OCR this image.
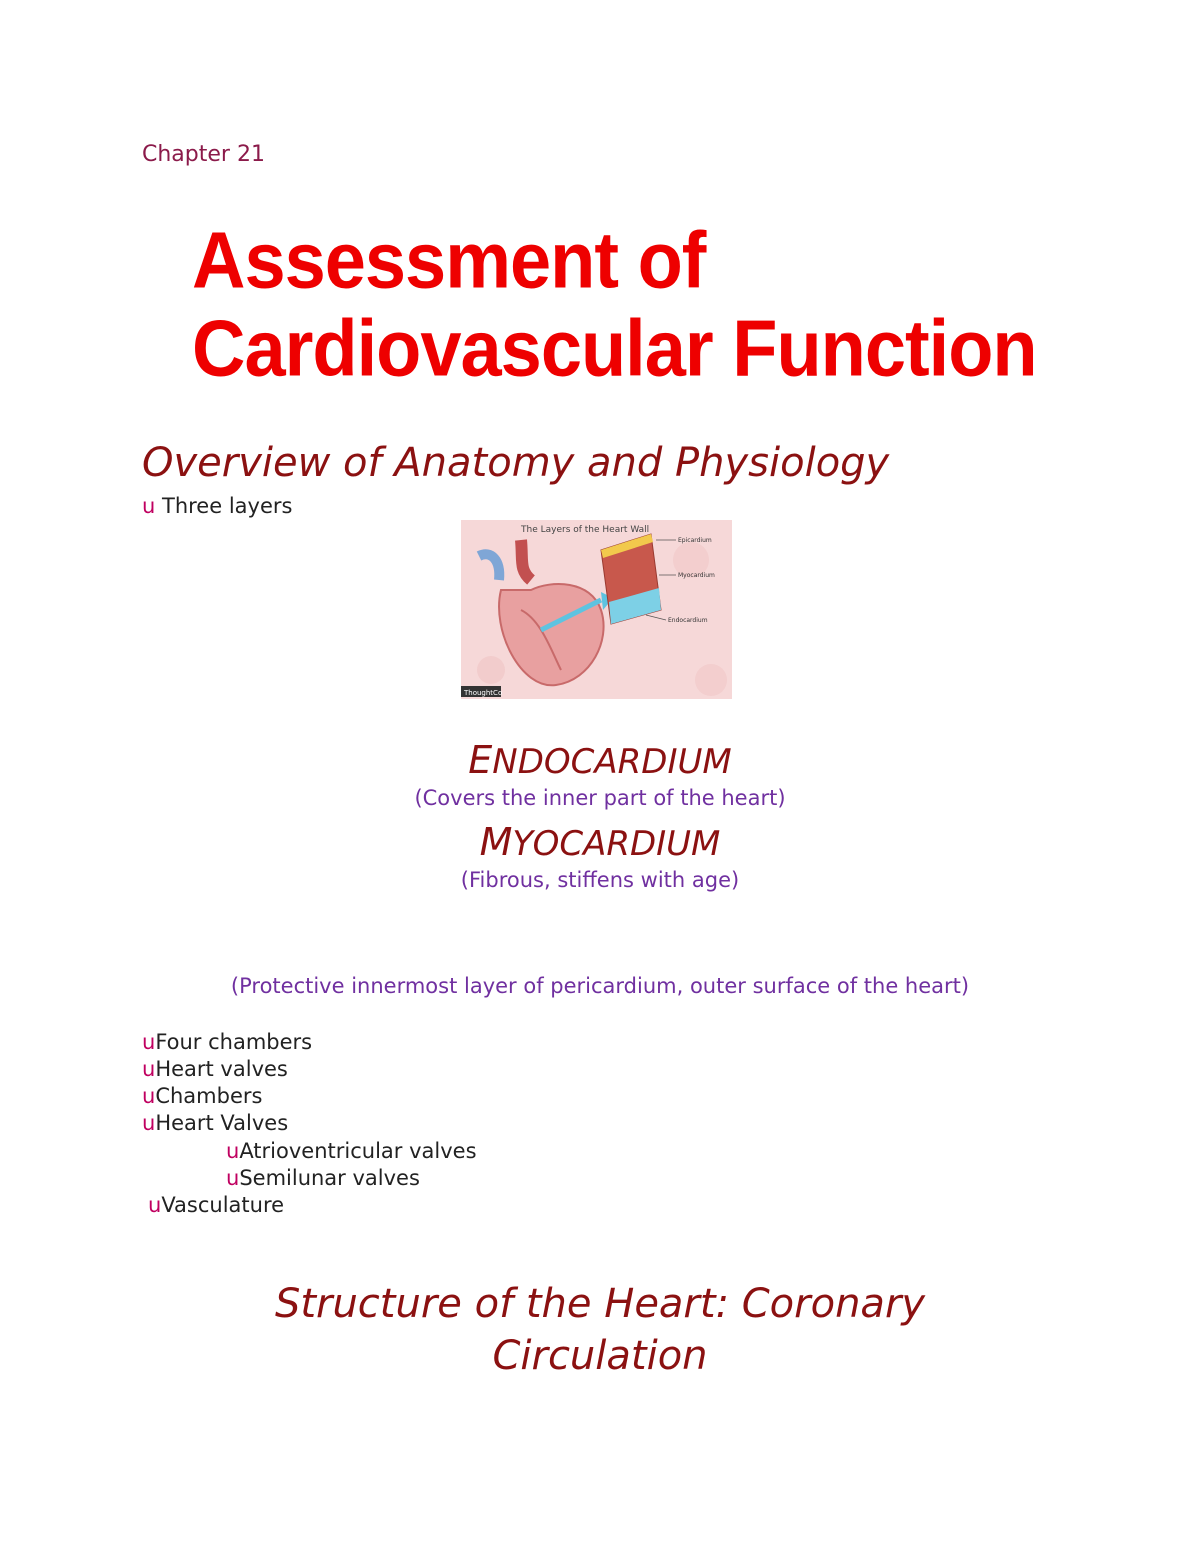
Chapter 21
Assessment of
Cardiovascular Function
Overview of Anatomy and Physiology
u Three layers
The Layers of the Heart Wall
Epicardium
Myocardium
Endocardium
ThoughtCo
ENDOCARDIUM
(Covers the inner part of the heart)
MYOCARDIUM
(Fibrous, stiffens with age)
(Protective innermost layer of pericardium, outer surface of the heart)
uFour chambers
uHeart valves
uChambers
uHeart Valves
uAtrioventricular valves
uSemilunar valves
uVasculature
Structure of the Heart: Coronary
Circulation
